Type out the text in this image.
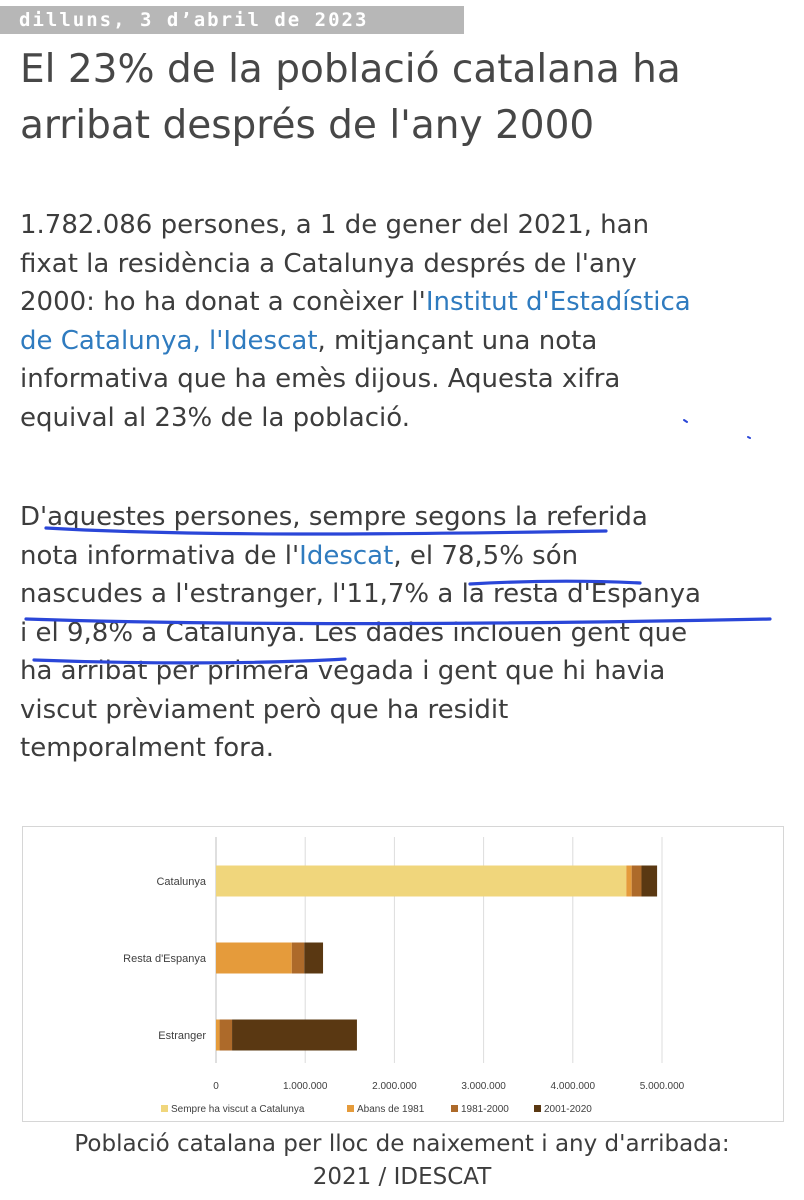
dilluns, 3 d’abril de 2023
El 23% de la població catalana ha
arribat després de l'any 2000

1.782.086 persones, a 1 de gener del 2021, han
fixat la residència a Catalunya després de l'any
2000: ho ha donat a conèixer l'Institut d'Estadística
de Catalunya, l'Idescat, mitjançant una nota
informativa que ha emès dijous. Aquesta xifra
equival al 23% de la població.

D'aquestes persones, sempre segons la referida
nota informativa de l'Idescat, el 78,5% són
nascudes a l'estranger, l'11,7% a la resta d'Espanya
i el 9,8% a Catalunya. Les dades inclouen gent que
ha arribat per primera vegada i gent que hi havia
viscut prèviament però que ha residit
temporalment fora.

0	1.000.000	2.000.000	3.000.000	4.000.000	5.000.000
Catalunya
Resta d'Espanya
Estranger
Sempre ha viscut a Catalunya	Abans de 1981	1981-2000	2001-2020
Població catalana per lloc de naixement i any d'arribada:
2021 / IDESCAT
